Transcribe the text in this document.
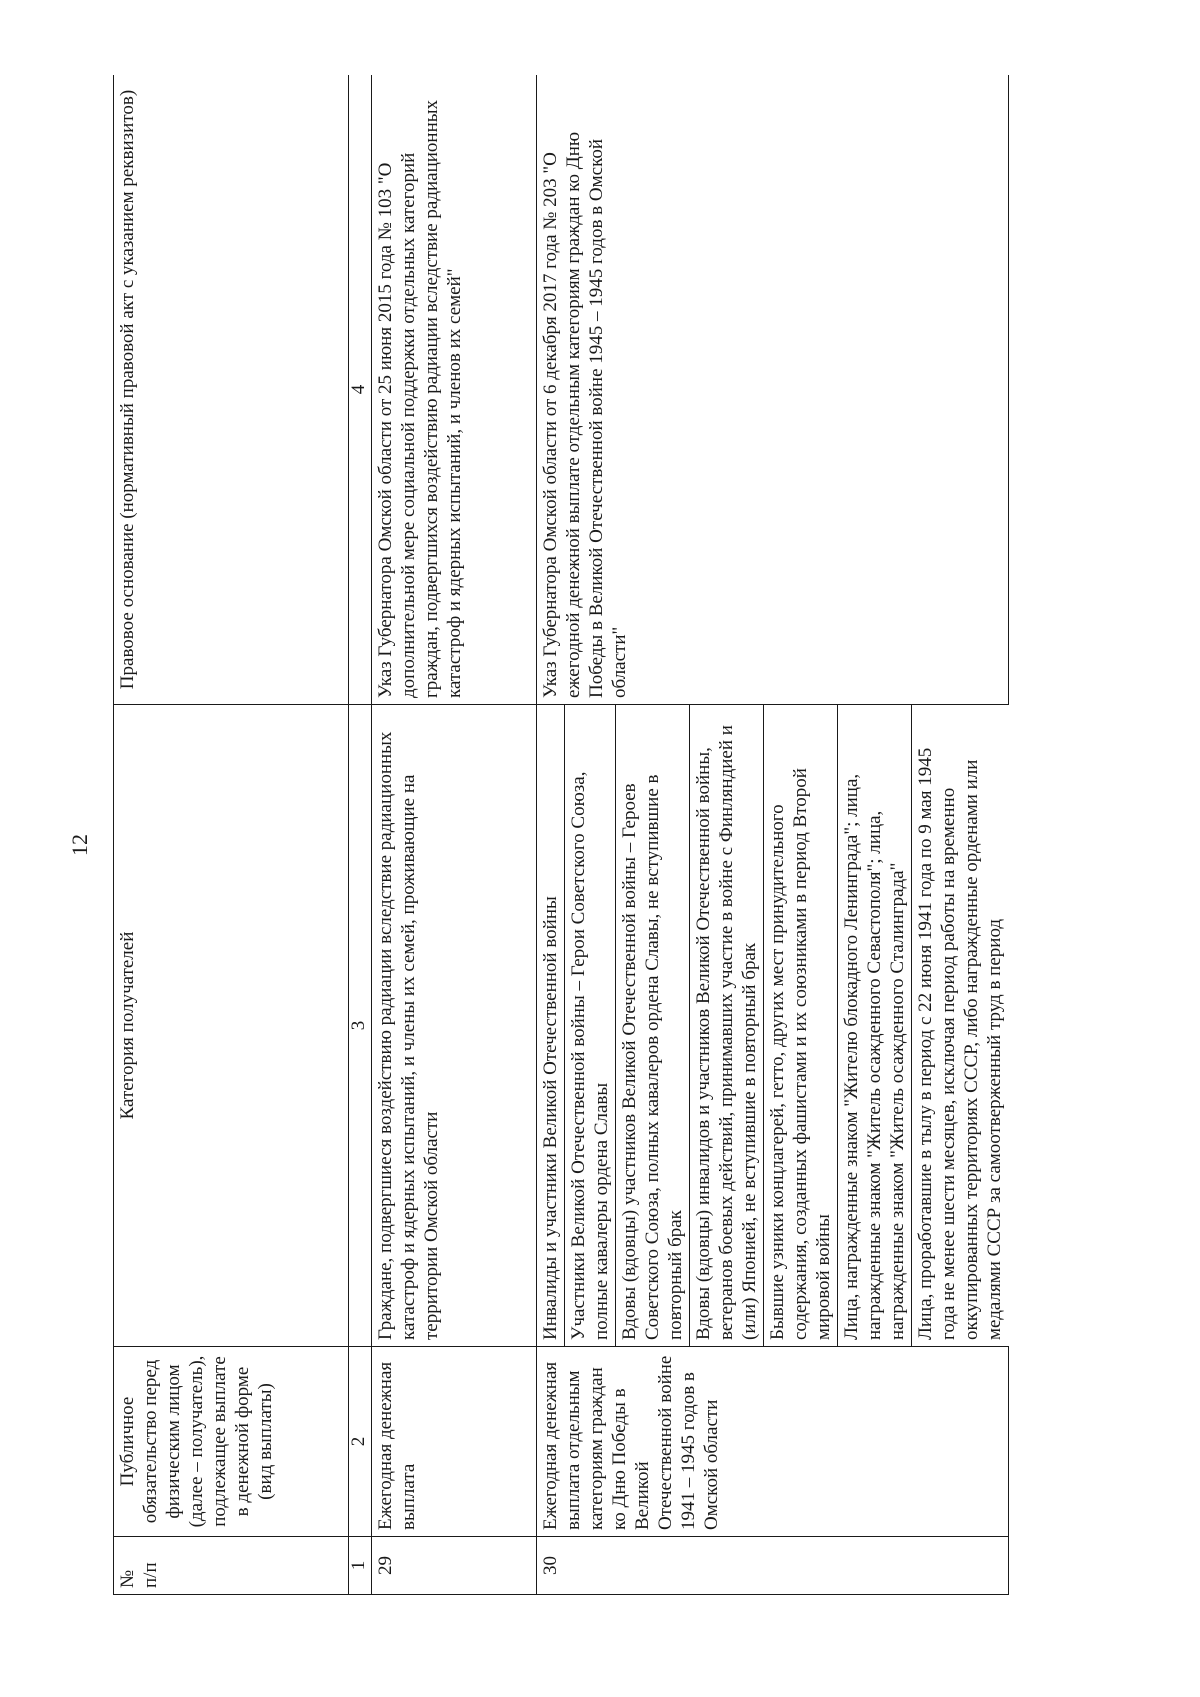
12
№
п/п	Публичное обязательство перед физическим лицом (далее – получатель), подлежащее выплате в денежной форме (вид выплаты)	Категория получателей	Правовое основание (нормативный правовой акт с указанием реквизитов)
1	2	3	4
29	Ежегодная денежная выплата	Граждане, подвергшиеся воздействию радиации вследствие радиационных катастроф и ядерных испытаний, и члены их семей, проживающие на территории Омской области	Указ Губернатора Омской области от 25 июня 2015 года № 103 "О дополнительной мере социальной поддержки отдельных категорий граждан, подвергшихся воздействию радиации вследствие радиационных катастроф и ядерных испытаний, и членов их семей"
30	Ежегодная денежная выплата отдельным категориям граждан ко Дню Победы в Великой Отечественной войне 1941 – 1945 годов в Омской области	Инвалиды и участники Великой Отечественной войны	Указ Губернатора Омской области от 6 декабря 2017 года № 203 "О ежегодной денежной выплате отдельным категориям граждан ко Дню Победы в Великой Отечественной войне 1945 – 1945 годов в Омской области"
		Участники Великой Отечественной войны – Герои Советского Союза, полные кавалеры ордена Славы	
		Вдовы (вдовцы) участников Великой Отечественной войны – Героев Советского Союза, полных кавалеров ордена Славы, не вступившие в повторный брак	
		Вдовы (вдовцы) инвалидов и участников Великой Отечественной войны, ветеранов боевых действий, принимавших участие в войне с Финляндией и (или) Японией, не вступившие в повторный брак	
		Бывшие узники концлагерей, гетто, других мест принудительного содержания, созданных фашистами и их союзниками в период Второй мировой войны	
		Лица, награжденные знаком "Жителю блокадного Ленинграда"; лица, награжденные знаком "Житель осажденного Севастополя"; лица, награжденные знаком "Житель осажденного Сталинграда"	
		Лица, проработавшие в тылу в период с 22 июня 1941 года по 9 мая 1945 года не менее шести месяцев, исключая период работы на временно оккупированных территориях СССР, либо награжденные орденами или медалями СССР за самоотверженный труд в период	
